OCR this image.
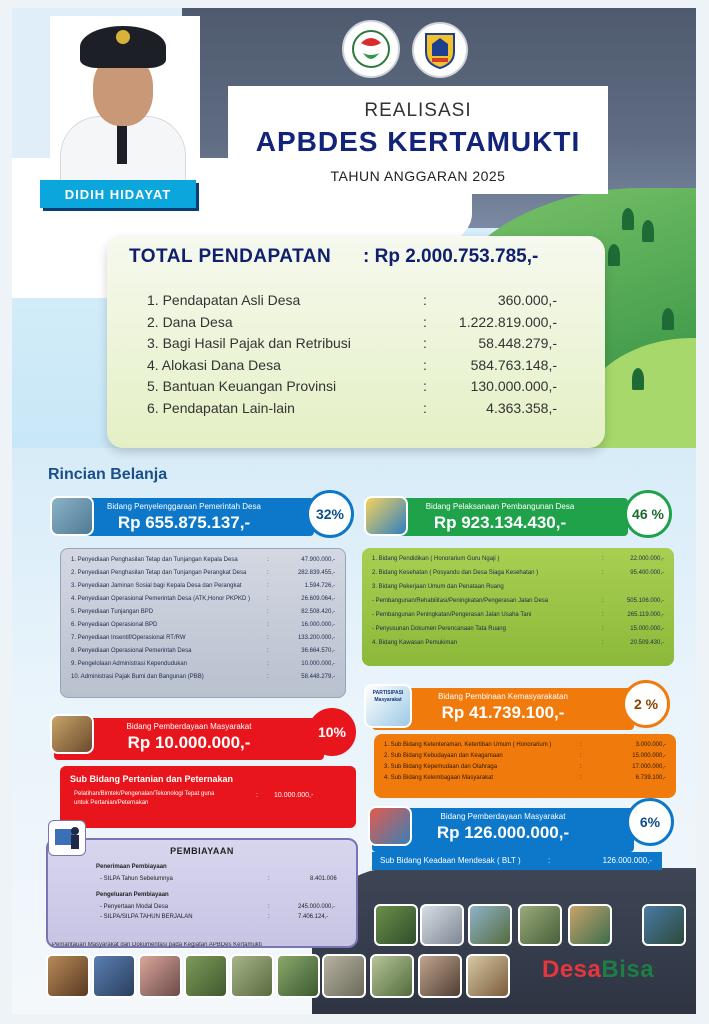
DIDIH HIDAYAT
REALISASI
APBDES KERTAMUKTI
TAHUN ANGGARAN 2025
TOTAL PENDAPATAN : Rp 2.000.753.785,-
1. Pendapatan Asli Desa	:	360.000,-
2. Dana Desa	:	1.222.819.000,-
3. Bagi Hasil Pajak dan Retribusi	:	58.448.279,-
4. Alokasi Dana Desa	:	584.763.148,-
5. Bantuan Keuangan Provinsi	:	130.000.000,-
6. Pendapatan Lain-lain	:	4.363.358,-
Rincian Belanja
Bidang Penyelenggaraan Pemerintah Desa
Rp 655.875.137,-	32%
1. Penyediaan Penghasilan Tetap dan Tunjangan Kepala Desa	:	47.900.000,-
2. Penyediaan Penghasilan Tetap dan Tunjangan Perangkat Desa	:	282.839.455,-
3. Penyediaan Jaminan Sosial bagi Kepala Desa dan Perangkat	:	1.594.726,-
4. Penyediaan Operasional Pemerintah Desa (ATK,Honor PKPKD )	:	26.609.064,-
5. Penyediaan Tunjangan BPD	:	82.508.420,-
6. Penyediaan Operasional BPD	:	16.000.000,-
7. Penyediaan Insentif/Operasional RT/RW	:	133.200.000,-
8. Penyediaan Operasional Pemerintah Desa	:	36.664.570,-
9. Pengelolaan Administrasi Kependudukan	:	10.000.000,-
10. Administrasi Pajak Bumi dan Bangunan (PBB)	:	58.448.279,-
Bidang Pelaksanaan Pembangunan Desa
Rp 923.134.430,-	46 %
1. Bidang Pendidikan ( Honorarium Guru Ngaji )	:	22.000.000,-
2. Bidang Kesehatan ( Posyandu dan Desa Siaga Kesehatan )	:	95.400.000,-
3. Bidang Pekerjaan Umum dan Penataan Ruang
- Pembangunan/Rehabilitasi/Peningkatan/Pengerasan Jalan Desa	:	505.106.000,-
- Pembangunan Peningkatan/Pengerasan Jalan Usaha Tani	:	265.119.000,-
- Penyusunan Dokumen Perencanaan Tata Ruang	:	15.000.000,-
4. Bidang Kawasan Pemukiman	:	20.509.430,-
Bidang Pemberdayaan Masyarakat
Rp 10.000.000,-
10%
Sub Bidang Pertanian dan Peternakan
Pelatihan/Bimtek/Pengenalan/Tekonologi Tepat guna untuk Pertanian/Peternakan
: 10.000.000,-
Bidang Pembinaan Kemasyarakatan
Rp 41.739.100,-
PARTISIPASI Masyarakat	2 %
1. Sub Bidang Ketenteraman, Ketertiban Umum ( Honorarium )	:	3.000.000,-
2. Sub Bidang Kebudayaan dan Keagamaan	:	15.000.000,-
3. Sub Bidang Kepemudaan dan Olahraga	:	17.000.000,-
4. Sub Bidang Kelembagaan Masyarakat	:	6.739.100,-
Bidang Pemberdayaan Masyarakat
Rp 126.000.000,-
6%
Sub Bidang Keadaan Mendesak ( BLT )	:	126.000.000,-
PEMBIAYAAN
Penerimaan Pembiayaan
- SILPA Tahun Sebelumnya	:	8.401.006
Pengeluaran Pembiayaan
- Penyertaan Modal Desa	:	245.000.000,-
- SILPA/SILPA TAHUN BERJALAN	:	7.406.124,-
Pemantauan Masyarakat dan Dokumentasi pada Kegiatan APBDes Kertamukti
DesaBisa
